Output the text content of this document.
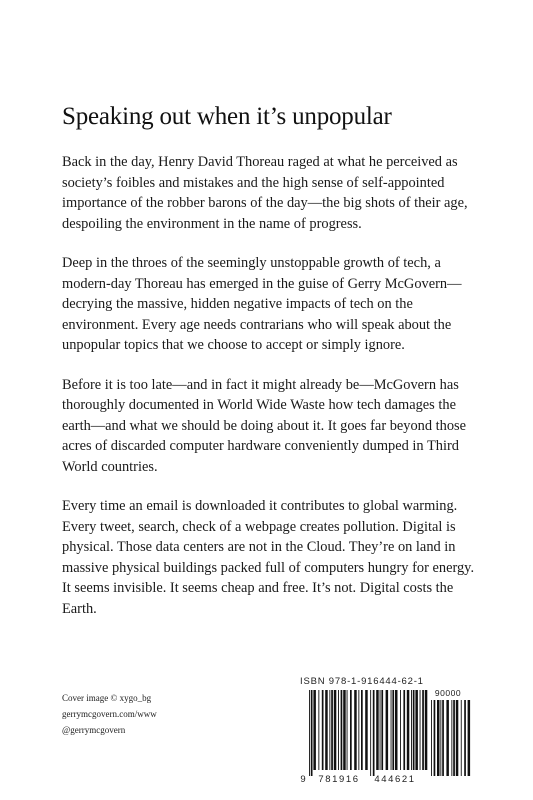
Speaking out when it’s unpopular

Back in the day, Henry David Thoreau raged at what he perceived as society’s foibles and mistakes and the high sense of self-appointed importance of the robber barons of the day—the big shots of their age, despoiling the environment in the name of progress.

Deep in the throes of the seemingly unstoppable growth of tech, a modern-day Thoreau has emerged in the guise of Gerry McGovern—decrying the massive, hidden negative impacts of tech on the environment. Every age needs contrarians who will speak about the unpopular topics that we choose to accept or simply ignore.

Before it is too late—and in fact it might already be—McGovern has thoroughly documented in World Wide Waste how tech damages the earth—and what we should be doing about it. It goes far beyond those acres of discarded computer hardware conveniently dumped in Third World countries.

Every time an email is downloaded it contributes to global warming. Every tweet, search, check of a webpage creates pollution. Digital is physical. Those data centers are not in the Cloud. They’re on land in massive physical buildings packed full of computers hungry for energy. It seems invisible. It seems cheap and free. It’s not. Digital costs the Earth.

Cover image © xygo_bg
gerrymcgovern.com/www
@gerrymcgovern
ISBN 978-1-916444-62-1
90000
9 781916 444621
